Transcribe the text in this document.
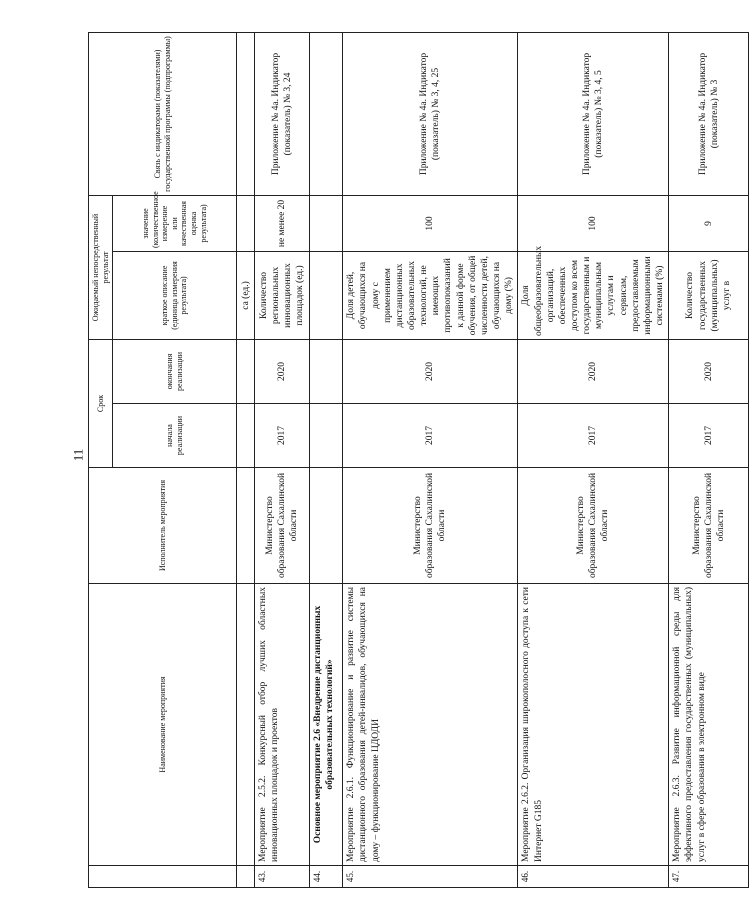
11
	Наименование мероприятия	Исполнитель мероприятия	Срок		Ожидаемый непосредственный результат		Связь с индикаторами (показателями) государственной программы (подпрограммы)
			начала реализации	окончания реализации	краткое описание (единица измерения результата)	значение (количественное измерение или качественная оценка результата)	

					са (ед.)		
43.	Мероприятие 2.5.2. Конкурсный отбор лучших областных инновационных площадок и проектов	Министерство образования Сахалинской области	2017	2020	Количество региональных инновационных площадок (ед.)	не менее 20	Приложение № 4а. Индикатор (показатель) № 3, 24
44.	Основное мероприятие 2.6 «Внедрение дистанционных образовательных технологий»						
45.	Мероприятие 2.6.1. Функционирование и развитие системы дистанционного образования детей-инвалидов, обучающихся на дому – функционирование ЦДОДИ	Министерство образования Сахалинской области	2017	2020	Доля детей, обучающихся на дому с применением дистанционных образовательных технологий, не имеющих противопоказаний к данной форме обучения, от общей численности детей, обучающихся на дому (%)	100	Приложение № 4а. Индикатор (показатель) № 3, 4, 25
46.	Мероприятие 2.6.2. Организация широкополосного доступа к сети Интернет G185	Министерство образования Сахалинской области	2017	2020	Доля общеобразовательных организаций, обеспеченных доступом ко всем государственным и муниципальным услугам и сервисам, предоставляемым информационными системами (%)	100	Приложение № 4а. Индикатор (показатель) № 3, 4, 5
47.	Мероприятие 2.6.3. Развитие информационной среды для эффективного предоставления государственных (муниципальных) услуг в сфере образования в электронном виде	Министерство образования Сахалинской области	2017	2020	Количество государственных (муниципальных) услуг в	9	Приложение № 4а. Индикатор (показатель) № 3
